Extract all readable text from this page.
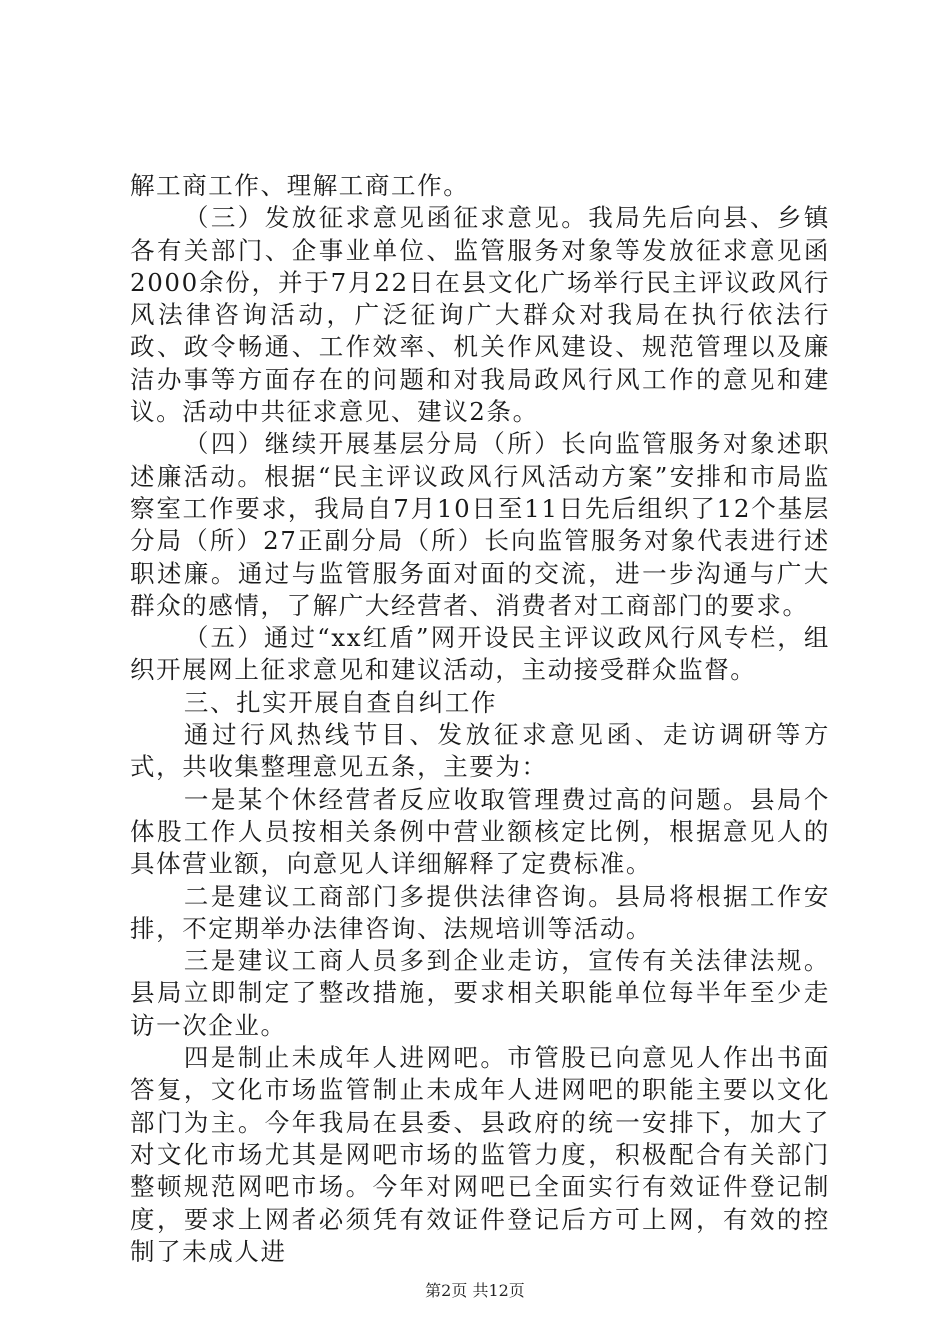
解工商工作、理解工商工作。

（三）发放征求意见函征求意见。我局先后向县、乡镇各有关部门、企事业单位、监管服务对象等发放征求意见函2000余份，并于7月22日在县文化广场举行民主评议政风行风法律咨询活动，广泛征询广大群众对我局在执行依法行政、政令畅通、工作效率、机关作风建设、规范管理以及廉洁办事等方面存在的问题和对我局政风行风工作的意见和建议。活动中共征求意见、建议2条。

（四）继续开展基层分局（所）长向监管服务对象述职述廉活动。根据“民主评议政风行风活动方案”安排和市局监察室工作要求，我局自7月10日至11日先后组织了12个基层分局（所）27正副分局（所）长向监管服务对象代表进行述职述廉。通过与监管服务面对面的交流，进一步沟通与广大群众的感情，了解广大经营者、消费者对工商部门的要求。

（五）通过“xx红盾”网开设民主评议政风行风专栏，组织开展网上征求意见和建议活动，主动接受群众监督。

三、扎实开展自查自纠工作

通过行风热线节目、发放征求意见函、走访调研等方式，共收集整理意见五条，主要为：

一是某个休经营者反应收取管理费过高的问题。县局个体股工作人员按相关条例中营业额核定比例，根据意见人的具体营业额，向意见人详细解释了定费标准。

二是建议工商部门多提供法律咨询。县局将根据工作安排，不定期举办法律咨询、法规培训等活动。

三是建议工商人员多到企业走访，宣传有关法律法规。县局立即制定了整改措施，要求相关职能单位每半年至少走访一次企业。

四是制止未成年人进网吧。市管股已向意见人作出书面答复，文化市场监管制止未成年人进网吧的职能主要以文化部门为主。今年我局在县委、县政府的统一安排下，加大了对文化市场尤其是网吧市场的监管力度，积极配合有关部门整顿规范网吧市场。今年对网吧已全面实行有效证件登记制度，要求上网者必须凭有效证件登记后方可上网，有效的控制了未成人进

第2页 共12页
